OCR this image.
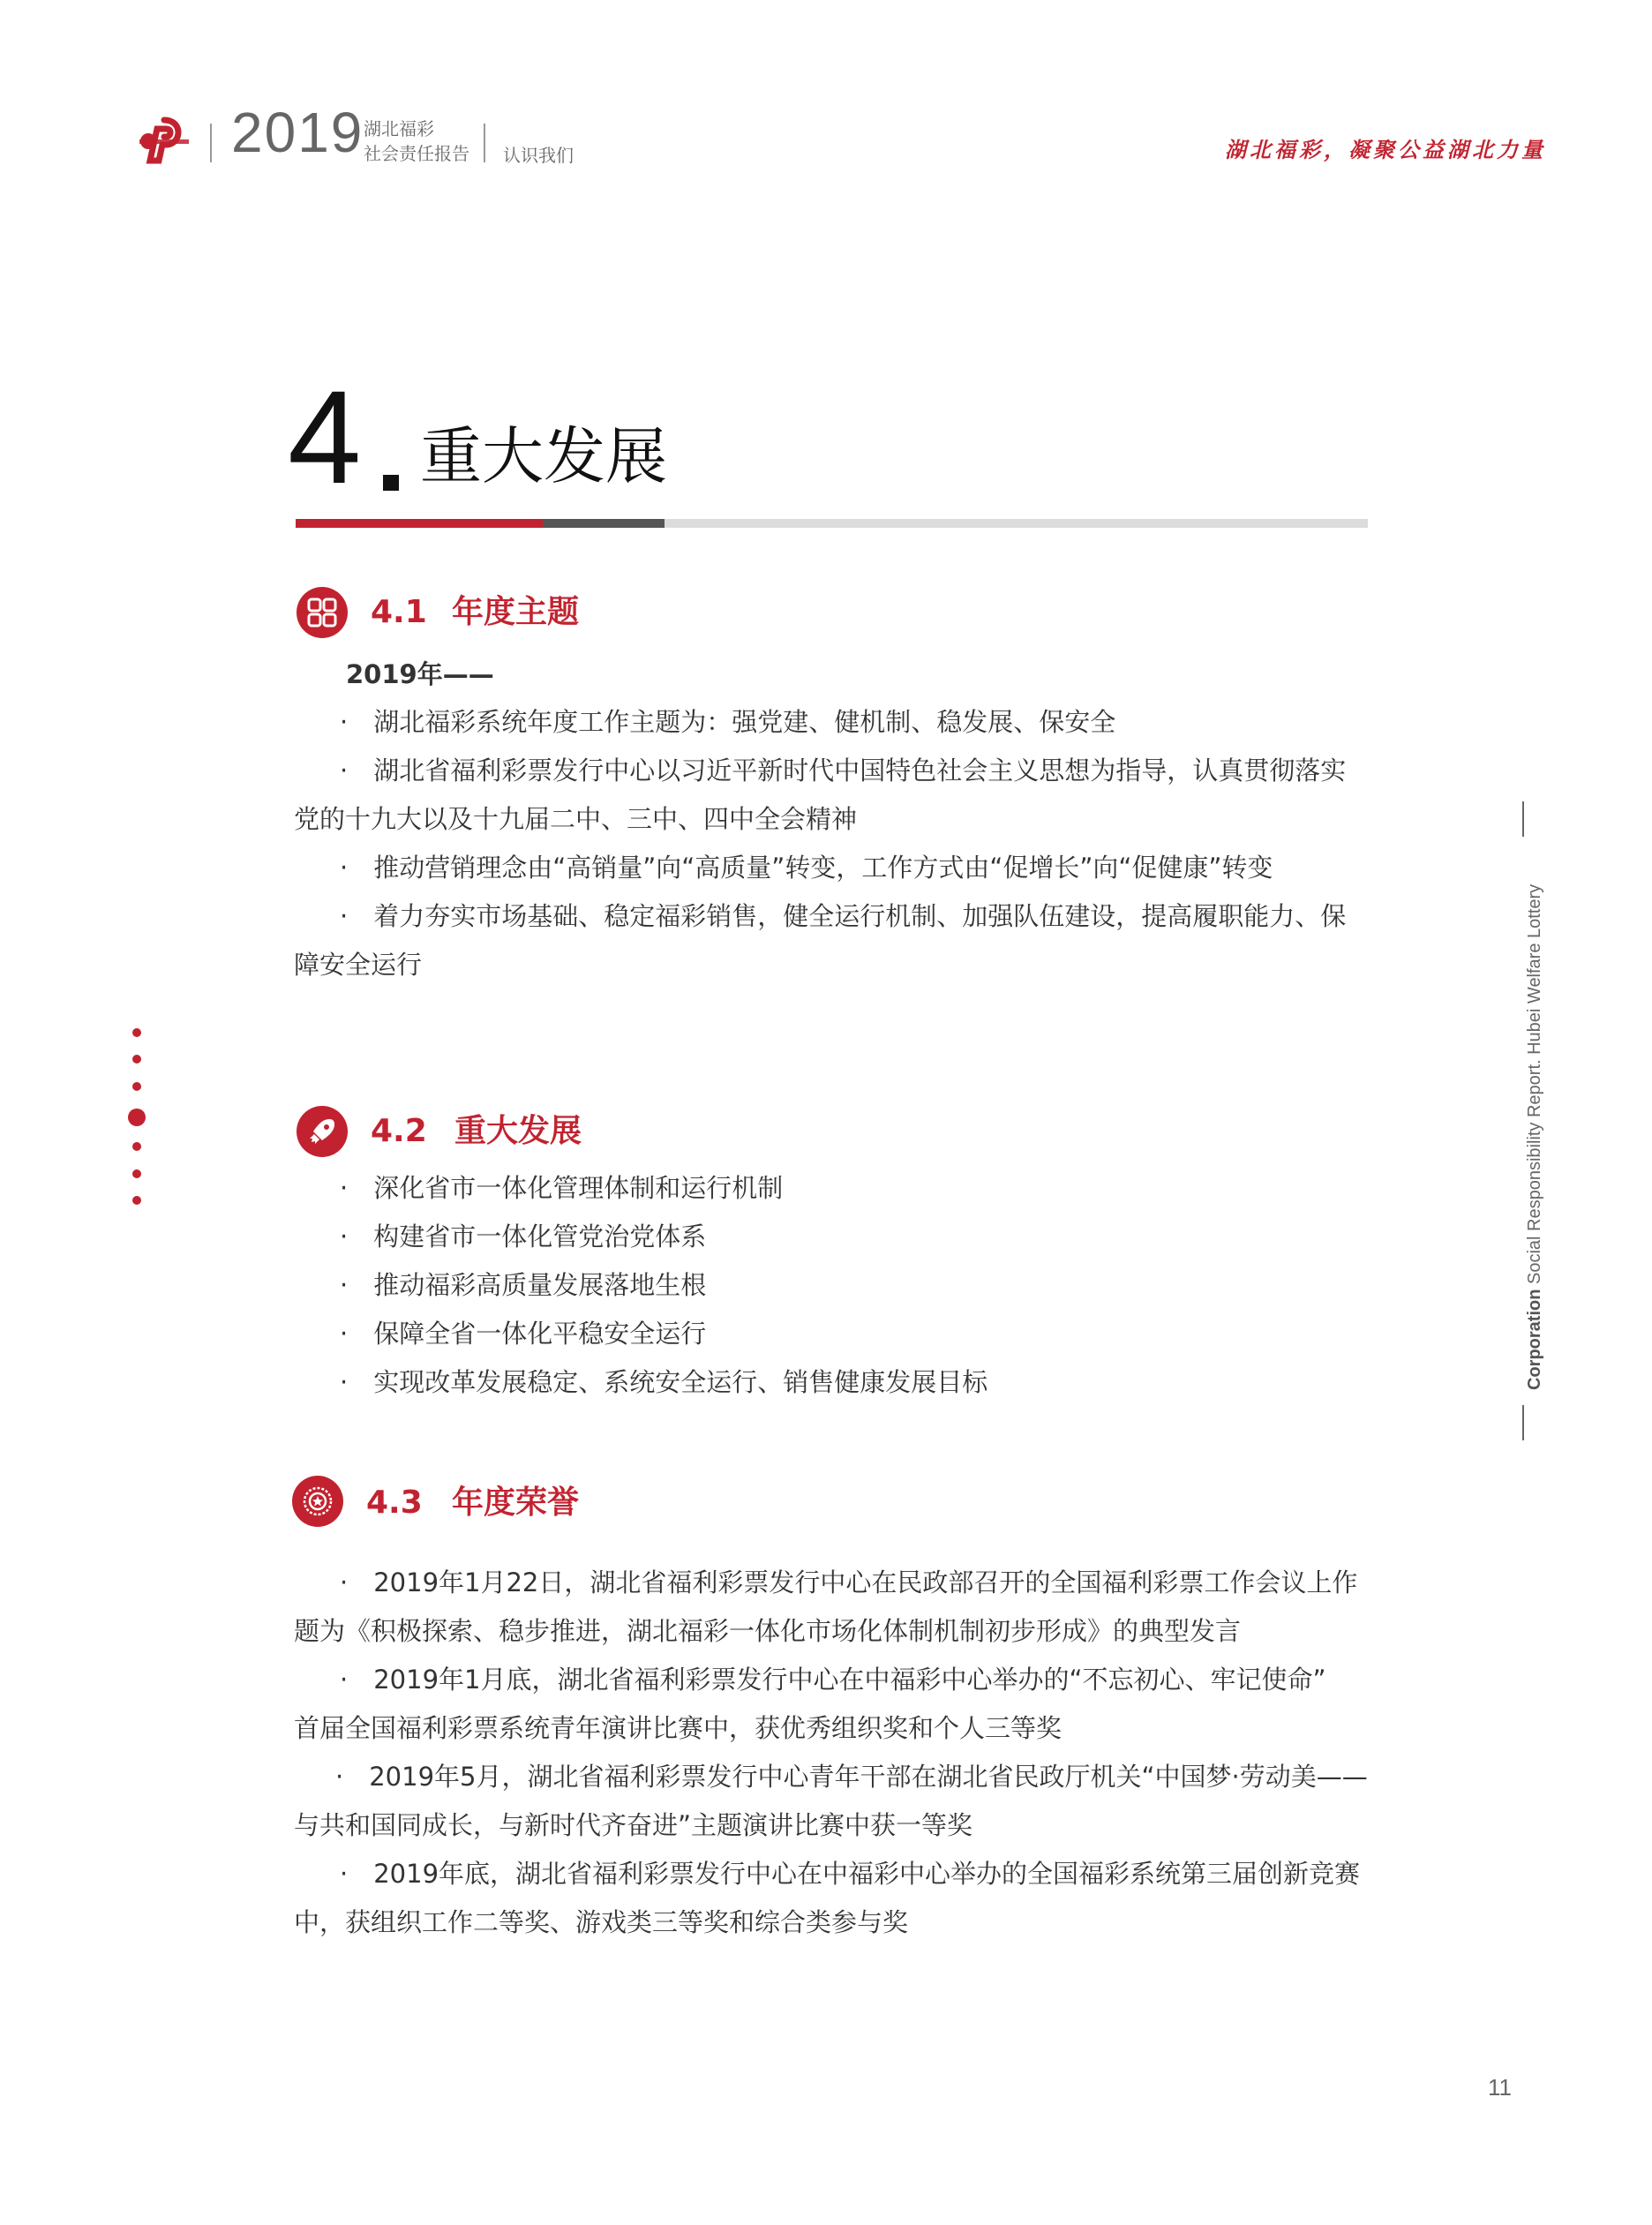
2019 湖北福彩
社会责任报告 认识我们	湖北福彩，凝聚公益湖北力量
4 重大发展
4.1 年度主题
2019年——
·　湖北福彩系统年度工作主题为：强党建、健机制、稳发展、保安全
·　湖北省福利彩票发行中心以习近平新时代中国特色社会主义思想为指导，认真贯彻落实
党的十九大以及十九届二中、三中、四中全会精神
·　推动营销理念由“高销量”向“高质量”转变，工作方式由“促增长”向“促健康”转变
·　着力夯实市场基础、稳定福彩销售，健全运行机制、加强队伍建设，提高履职能力、保
障安全运行
4.2 重大发展
·　深化省市一体化管理体制和运行机制
·　构建省市一体化管党治党体系
·　推动福彩高质量发展落地生根
·　保障全省一体化平稳安全运行
·　实现改革发展稳定、系统安全运行、销售健康发展目标
4.3 年度荣誉
·　2019年1月22日，湖北省福利彩票发行中心在民政部召开的全国福利彩票工作会议上作
题为《积极探索、稳步推进，湖北福彩一体化市场化体制机制初步形成》的典型发言
·　2019年1月底，湖北省福利彩票发行中心在中福彩中心举办的“不忘初心、牢记使命”
首届全国福利彩票系统青年演讲比赛中，获优秀组织奖和个人三等奖
·　2019年5月，湖北省福利彩票发行中心青年干部在湖北省民政厅机关“中国梦·劳动美——
与共和国同成长，与新时代齐奋进”主题演讲比赛中获一等奖
·　2019年底，湖北省福利彩票发行中心在中福彩中心举办的全国福彩系统第三届创新竞赛
中，获组织工作二等奖、游戏类三等奖和综合类参与奖
Corporation Social Responsibility Report. Hubei Welfare Lottery
11
